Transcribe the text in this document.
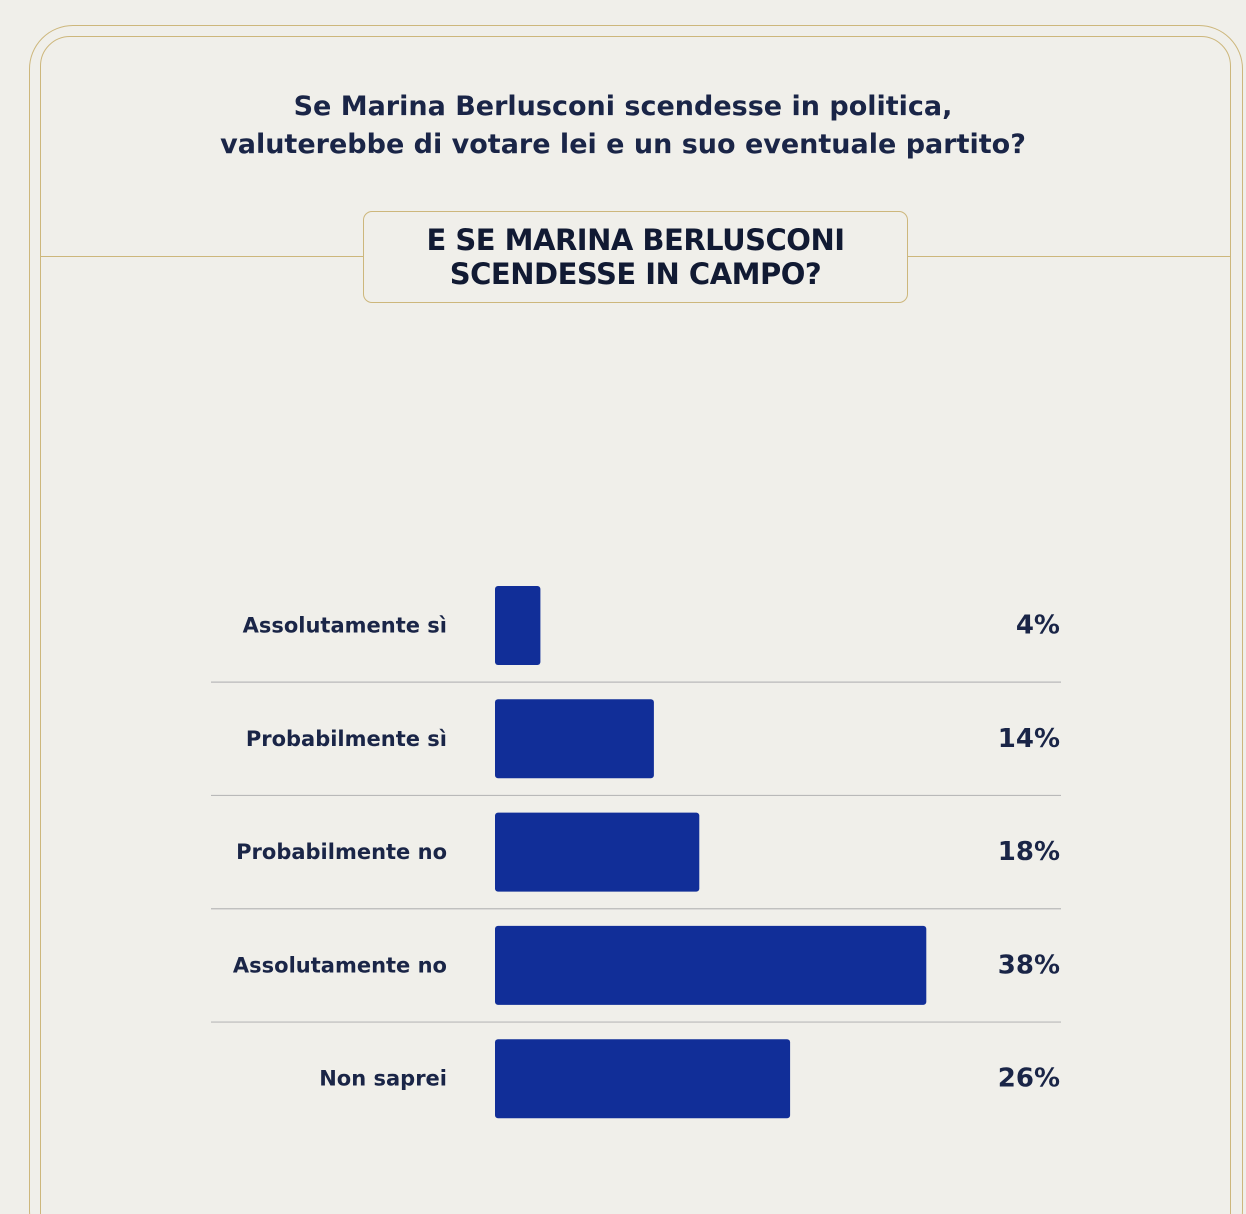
Se Marina Berlusconi scendesse in politica,
valuterebbe di votare lei e un suo eventuale partito?
E SE MARINA BERLUSCONI
SCENDESSE IN CAMPO?
Assolutamente sì	4%
Probabilmente sì	14%
Probabilmente no	18%
Assolutamente no	38%
Non saprei	26%
